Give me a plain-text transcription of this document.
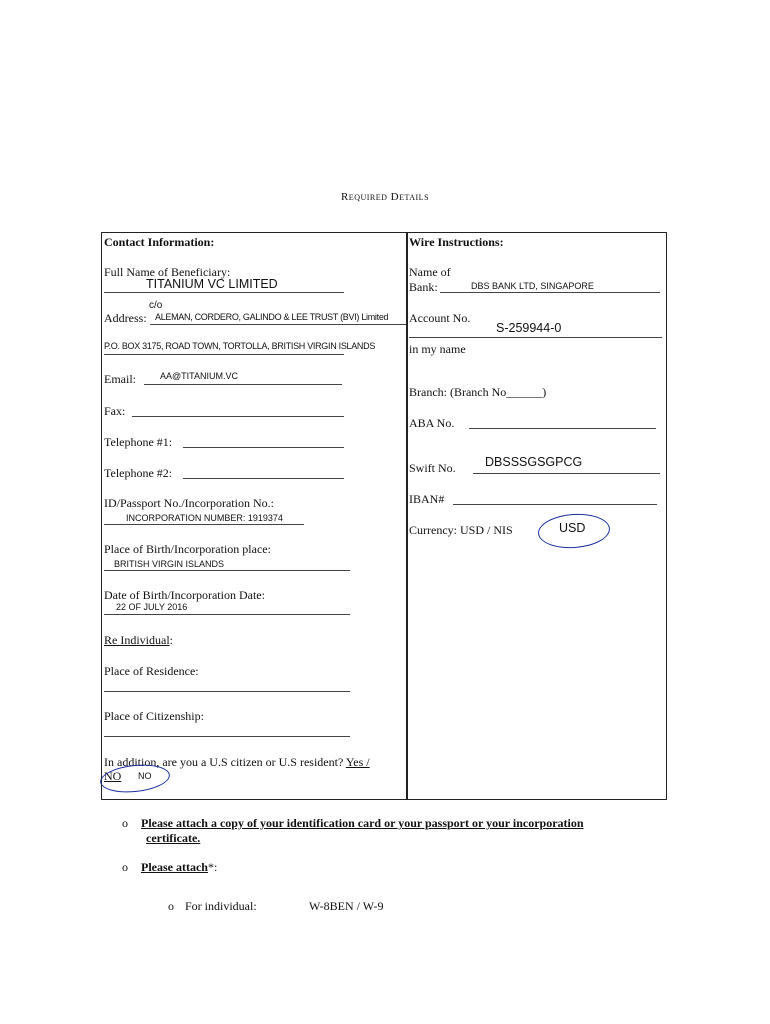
Required Details
Contact Information:
Full Name of Beneficiary:
TITANIUM VC LIMITED
c/o
Address: ALEMAN, CORDERO, GALINDO & LEE TRUST (BVI) Limited
P.O. BOX 3175, ROAD TOWN, TORTOLLA, BRITISH VIRGIN ISLANDS
Email:	AA@TITANIUM.VC
Fax:
Telephone #1:
Telephone #2:
ID/Passport No./Incorporation No.:
INCORPORATION NUMBER: 1919374
Place of Birth/Incorporation place:
BRITISH VIRGIN ISLANDS
Date of Birth/Incorporation Date:
22 OF JULY 2016
Re Individual:
Place of Residence:
Place of Citizenship:
In addition, are you a U.S citizen or U.S resident? Yes /
NO NO
Wire Instructions:
Name of
Bank:	DBS BANK LTD, SINGAPORE
Account No.
S-259944-0
in my name
Branch: (Branch No______)
ABA No.
Swift No. DBSSSGSGPCG
IBAN#
Currency: USD / NIS	USD
o Please attach a copy of your identification card or your passport or your incorporation
certificate.
o Please attach*:
o For individual:	W-8BEN / W-9
